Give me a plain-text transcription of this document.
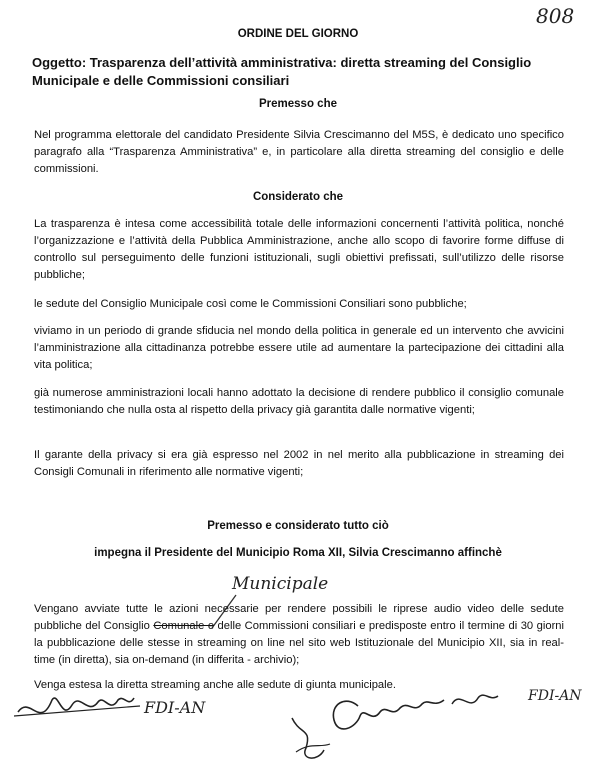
808
ORDINE DEL GIORNO
Oggetto: Trasparenza dell’attività amministrativa: diretta streaming del Consiglio Municipale e delle Commissioni consiliari
Premesso che

Nel programma elettorale del candidato Presidente Silvia Crescimanno del M5S, è dedicato uno specifico paragrafo alla “Trasparenza Amministrativa” e, in particolare alla diretta streaming del consiglio e delle commissioni.

Considerato che

La trasparenza è intesa come accessibilità totale delle informazioni concernenti l’attività politica, nonché l’organizzazione e l’attività della Pubblica Amministrazione, anche allo scopo di favorire forme diffuse di controllo sul perseguimento delle funzioni istituzionali, sugli obiettivi prefissati, sull’utilizzo delle risorse pubbliche;

le sedute del Consiglio Municipale così come le Commissioni Consiliari sono pubbliche;

viviamo in un periodo di grande sfiducia nel mondo della politica in generale ed un intervento che avvicini l’amministrazione alla cittadinanza potrebbe essere utile ad aumentare la partecipazione dei cittadini alla vita politica;

già numerose amministrazioni locali hanno adottato la decisione di rendere pubblico il consiglio comunale testimoniando che nulla osta al rispetto della privacy già garantita dalle normative vigenti;

Il garante della privacy si era già espresso nel 2002 in nel merito alla pubblicazione in streaming dei Consigli Comunali in riferimento alle normative vigenti;

Premesso e considerato tutto ciò
impegna il Presidente del Municipio Roma XII, Silvia Crescimanno affinchè
Municipale

Vengano avviate tutte le azioni necessarie per rendere possibili le riprese audio video delle sedute pubbliche del Consiglio Comunale e delle Commissioni consiliari e predisposte entro il termine di 30 giorni la pubblicazione delle stesse in streaming on line nel sito web Istituzionale del Municipio XII, sia in real-time (in diretta), sia on-demand (in differita - archivio);

Venga estesa la diretta streaming anche alle sedute di giunta municipale.

FDI-AN
FDI-AN
